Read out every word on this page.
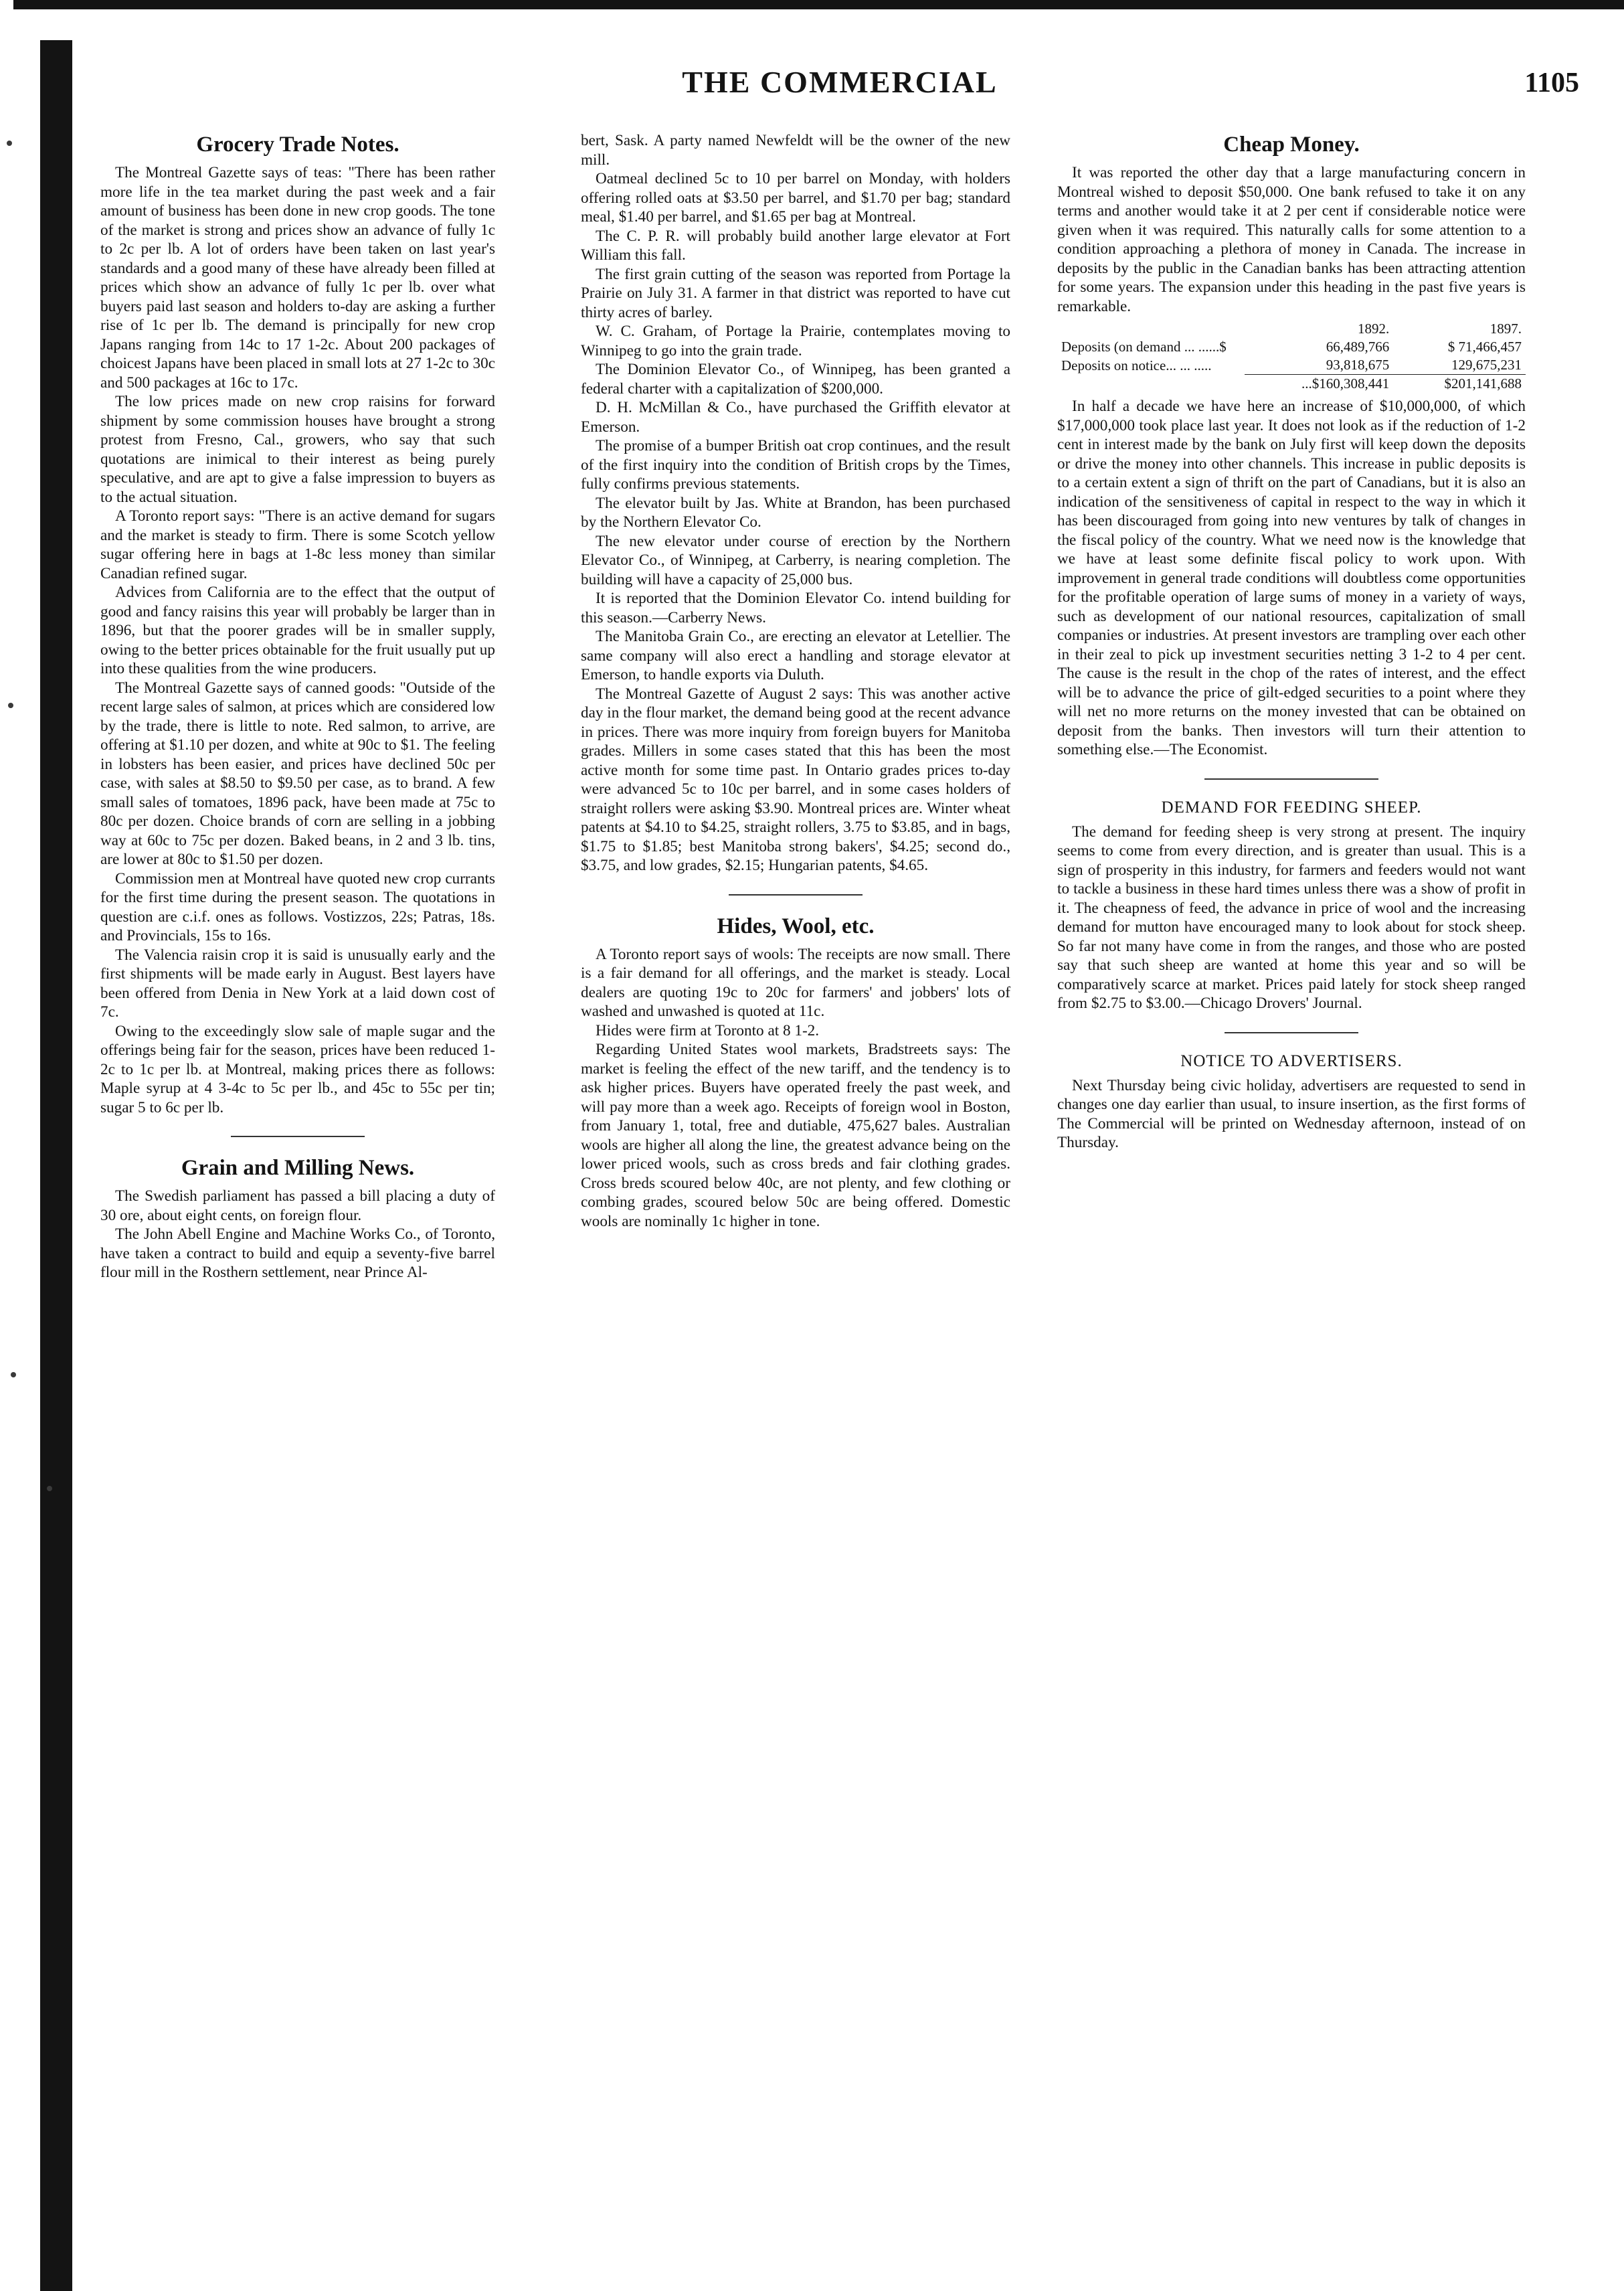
THE COMMERCIAL	1105
Grocery Trade Notes.

The Montreal Gazette says of teas: "There has been rather more life in the tea market during the past week and a fair amount of business has been done in new crop goods. The tone of the market is strong and prices show an advance of fully 1c to 2c per lb. A lot of orders have been taken on last year's standards and a good many of these have already been filled at prices which show an advance of fully 1c per lb. over what buyers paid last season and holders to-day are asking a further rise of 1c per lb. The demand is principally for new crop Japans ranging from 14c to 17 1-2c. About 200 packages of choicest Japans have been placed in small lots at 27 1-2c to 30c and 500 packages at 16c to 17c.

The low prices made on new crop raisins for forward shipment by some commission houses have brought a strong protest from Fresno, Cal., growers, who say that such quotations are inimical to their interest as being purely speculative, and are apt to give a false impression to buyers as to the actual situation.

A Toronto report says: "There is an active demand for sugars and the market is steady to firm. There is some Scotch yellow sugar offering here in bags at 1-8c less money than similar Canadian refined sugar.

Advices from California are to the effect that the output of good and fancy raisins this year will probably be larger than in 1896, but that the poorer grades will be in smaller supply, owing to the better prices obtainable for the fruit usually put up into these qualities from the wine producers.

The Montreal Gazette says of canned goods: "Outside of the recent large sales of salmon, at prices which are considered low by the trade, there is little to note. Red salmon, to arrive, are offering at $1.10 per dozen, and white at 90c to $1. The feeling in lobsters has been easier, and prices have declined 50c per case, with sales at $8.50 to $9.50 per case, as to brand. A few small sales of tomatoes, 1896 pack, have been made at 75c to 80c per dozen. Choice brands of corn are selling in a jobbing way at 60c to 75c per dozen. Baked beans, in 2 and 3 lb. tins, are lower at 80c to $1.50 per dozen.

Commission men at Montreal have quoted new crop currants for the first time during the present season. The quotations in question are c.i.f. ones as follows. Vostizzos, 22s; Patras, 18s. and Provincials, 15s to 16s.

The Valencia raisin crop it is said is unusually early and the first shipments will be made early in August. Best layers have been offered from Denia in New York at a laid down cost of 7c.

Owing to the exceedingly slow sale of maple sugar and the offerings being fair for the season, prices have been reduced 1-2c to 1c per lb. at Montreal, making prices there as follows: Maple syrup at 4 3-4c to 5c per lb., and 45c to 55c per tin; sugar 5 to 6c per lb.

Grain and Milling News.

The Swedish parliament has passed a bill placing a duty of 30 ore, about eight cents, on foreign flour.

The John Abell Engine and Machine Works Co., of Toronto, have taken a contract to build and equip a seventy-five barrel flour mill in the Rosthern settlement, near Prince Al-

bert, Sask. A party named Newfeldt will be the owner of the new mill.

Oatmeal declined 5c to 10 per barrel on Monday, with holders offering rolled oats at $3.50 per barrel, and $1.70 per bag; standard meal, $1.40 per barrel, and $1.65 per bag at Montreal.

The C. P. R. will probably build another large elevator at Fort William this fall.

The first grain cutting of the season was reported from Portage la Prairie on July 31. A farmer in that district was reported to have cut thirty acres of barley.

W. C. Graham, of Portage la Prairie, contemplates moving to Winnipeg to go into the grain trade.

The Dominion Elevator Co., of Winnipeg, has been granted a federal charter with a capitalization of $200,000.

D. H. McMillan & Co., have purchased the Griffith elevator at Emerson.

The promise of a bumper British oat crop continues, and the result of the first inquiry into the condition of British crops by the Times, fully confirms previous statements.

The elevator built by Jas. White at Brandon, has been purchased by the Northern Elevator Co.

The new elevator under course of erection by the Northern Elevator Co., of Winnipeg, at Carberry, is nearing completion. The building will have a capacity of 25,000 bus.

It is reported that the Dominion Elevator Co. intend building for this season.—Carberry News.

The Manitoba Grain Co., are erecting an elevator at Letellier. The same company will also erect a handling and storage elevator at Emerson, to handle exports via Duluth.

The Montreal Gazette of August 2 says: This was another active day in the flour market, the demand being good at the recent advance in prices. There was more inquiry from foreign buyers for Manitoba grades. Millers in some cases stated that this has been the most active month for some time past. In Ontario grades prices to-day were advanced 5c to 10c per barrel, and in some cases holders of straight rollers were asking $3.90. Montreal prices are. Winter wheat patents at $4.10 to $4.25, straight rollers, 3.75 to $3.85, and in bags, $1.75 to $1.85; best Manitoba strong bakers', $4.25; second do., $3.75, and low grades, $2.15; Hungarian patents, $4.65.

Hides, Wool, etc.

A Toronto report says of wools: The receipts are now small. There is a fair demand for all offerings, and the market is steady. Local dealers are quoting 19c to 20c for farmers' and jobbers' lots of washed and unwashed is quoted at 11c.

Hides were firm at Toronto at 8 1-2.

Regarding United States wool markets, Bradstreets says: The market is feeling the effect of the new tariff, and the tendency is to ask higher prices. Buyers have operated freely the past week, and will pay more than a week ago. Receipts of foreign wool in Boston, from January 1, total, free and dutiable, 475,627 bales. Australian wools are higher all along the line, the greatest advance being on the lower priced wools, such as cross breds and fair clothing grades. Cross breds scoured below 40c, are not plenty, and few clothing or combing grades, scoured below 50c are being offered. Domestic wools are nominally 1c higher in tone.

Cheap Money.

It was reported the other day that a large manufacturing concern in Montreal wished to deposit $50,000. One bank refused to take it on any terms and another would take it at 2 per cent if considerable notice were given when it was required. This naturally calls for some attention to a condition approaching a plethora of money in Canada. The increase in deposits by the public in the Canadian banks has been attracting attention for some years. The expansion under this heading in the past five years is remarkable.

	1892.	1897.
Deposits (on demand ... ......$	66,489,766	$ 71,466,457
Deposits on notice... ... .....	93,818,675	129,675,231
	...$160,308,441	$201,141,688

In half a decade we have here an increase of $10,000,000, of which $17,000,000 took place last year. It does not look as if the reduction of 1-2 cent in interest made by the bank on July first will keep down the deposits or drive the money into other channels. This increase in public deposits is to a certain extent a sign of thrift on the part of Canadians, but it is also an indication of the sensitiveness of capital in respect to the way in which it has been discouraged from going into new ventures by talk of changes in the fiscal policy of the country. What we need now is the knowledge that we have at least some definite fiscal policy to work upon. With improvement in general trade conditions will doubtless come opportunities for the profitable operation of large sums of money in a variety of ways, such as development of our national resources, capitalization of small companies or industries. At present investors are trampling over each other in their zeal to pick up investment securities netting 3 1-2 to 4 per cent. The cause is the result in the chop of the rates of interest, and the effect will be to advance the price of gilt-edged securities to a point where they will net no more returns on the money invested that can be obtained on deposit from the banks. Then investors will turn their attention to something else.—The Economist.

DEMAND FOR FEEDING SHEEP.

The demand for feeding sheep is very strong at present. The inquiry seems to come from every direction, and is greater than usual. This is a sign of prosperity in this industry, for farmers and feeders would not want to tackle a business in these hard times unless there was a show of profit in it. The cheapness of feed, the advance in price of wool and the increasing demand for mutton have encouraged many to look about for stock sheep. So far not many have come in from the ranges, and those who are posted say that such sheep are wanted at home this year and so will be comparatively scarce at market. Prices paid lately for stock sheep ranged from $2.75 to $3.00.—Chicago Drovers' Journal.

NOTICE TO ADVERTISERS.

Next Thursday being civic holiday, advertisers are requested to send in changes one day earlier than usual, to insure insertion, as the first forms of The Commercial will be printed on Wednesday afternoon, instead of on Thursday.
